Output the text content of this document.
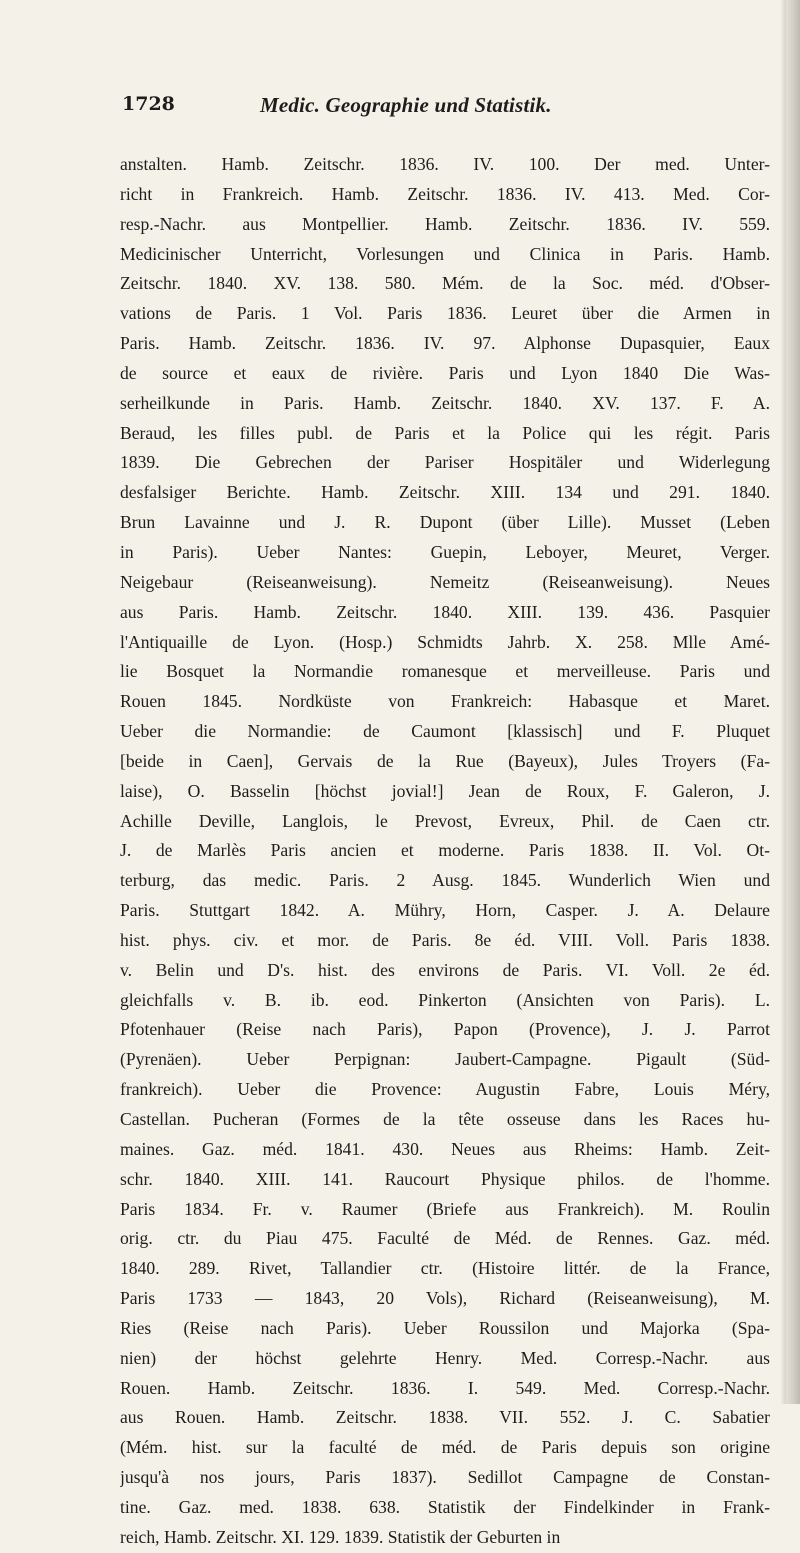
1728	Medic. Geographie und Statistik.
anstalten. Hamb. Zeitschr. 1836. IV. 100. Der med. Unter-
richt in Frankreich. Hamb. Zeitschr. 1836. IV. 413. Med. Cor-
resp.-Nachr. aus Montpellier. Hamb. Zeitschr. 1836. IV. 559.
Medicinischer Unterricht, Vorlesungen und Clinica in Paris. Hamb.
Zeitschr. 1840. XV. 138. 580. Mém. de la Soc. méd. d'Obser-
vations de Paris. 1 Vol. Paris 1836. Leuret über die Armen in
Paris. Hamb. Zeitschr. 1836. IV. 97. Alphonse Dupasquier, Eaux
de source et eaux de rivière. Paris und Lyon 1840 Die Was-
serheilkunde in Paris. Hamb. Zeitschr. 1840. XV. 137. F. A.
Beraud, les filles publ. de Paris et la Police qui les régit. Paris
1839. Die Gebrechen der Pariser Hospitäler und Widerlegung
desfalsiger Berichte. Hamb. Zeitschr. XIII. 134 und 291. 1840.
Brun Lavainne und J. R. Dupont (über Lille). Musset (Leben
in Paris). Ueber Nantes: Guepin, Leboyer, Meuret, Verger.
Neigebaur (Reiseanweisung). Nemeitz (Reiseanweisung). Neues
aus Paris. Hamb. Zeitschr. 1840. XIII. 139. 436. Pasquier
l'Antiquaille de Lyon. (Hosp.) Schmidts Jahrb. X. 258. Mlle Amé-
lie Bosquet la Normandie romanesque et merveilleuse. Paris und
Rouen 1845. Nordküste von Frankreich: Habasque et Maret.
Ueber die Normandie: de Caumont [klassisch] und F. Pluquet
[beide in Caen], Gervais de la Rue (Bayeux), Jules Troyers (Fa-
laise), O. Basselin [höchst jovial!] Jean de Roux, F. Galeron, J.
Achille Deville, Langlois, le Prevost, Evreux, Phil. de Caen ctr.
J. de Marlès Paris ancien et moderne. Paris 1838. II. Vol. Ot-
terburg, das medic. Paris. 2 Ausg. 1845. Wunderlich Wien und
Paris. Stuttgart 1842. A. Mühry, Horn, Casper. J. A. Delaure
hist. phys. civ. et mor. de Paris. 8e éd. VIII. Voll. Paris 1838.
v. Belin und D's. hist. des environs de Paris. VI. Voll. 2e éd.
gleichfalls v. B. ib. eod. Pinkerton (Ansichten von Paris). L.
Pfotenhauer (Reise nach Paris), Papon (Provence), J. J. Parrot
(Pyrenäen). Ueber Perpignan: Jaubert-Campagne. Pigault (Süd-
frankreich). Ueber die Provence: Augustin Fabre, Louis Méry,
Castellan. Pucheran (Formes de la tête osseuse dans les Races hu-
maines. Gaz. méd. 1841. 430. Neues aus Rheims: Hamb. Zeit-
schr. 1840. XIII. 141. Raucourt Physique philos. de l'homme.
Paris 1834. Fr. v. Raumer (Briefe aus Frankreich). M. Roulin
orig. ctr. du Piau 475. Faculté de Méd. de Rennes. Gaz. méd.
1840. 289. Rivet, Tallandier ctr. (Histoire littér. de la France,
Paris 1733 — 1843, 20 Vols), Richard (Reiseanweisung), M.
Ries (Reise nach Paris). Ueber Roussilon und Majorka (Spa-
nien) der höchst gelehrte Henry. Med. Corresp.-Nachr. aus
Rouen. Hamb. Zeitschr. 1836. I. 549. Med. Corresp.-Nachr.
aus Rouen. Hamb. Zeitschr. 1838. VII. 552. J. C. Sabatier
(Mém. hist. sur la faculté de méd. de Paris depuis son origine
jusqu'à nos jours, Paris 1837). Sedillot Campagne de Constan-
tine. Gaz. med. 1838. 638. Statistik der Findelkinder in Frank-
reich, Hamb. Zeitschr. XI. 129. 1839. Statistik der Geburten in
